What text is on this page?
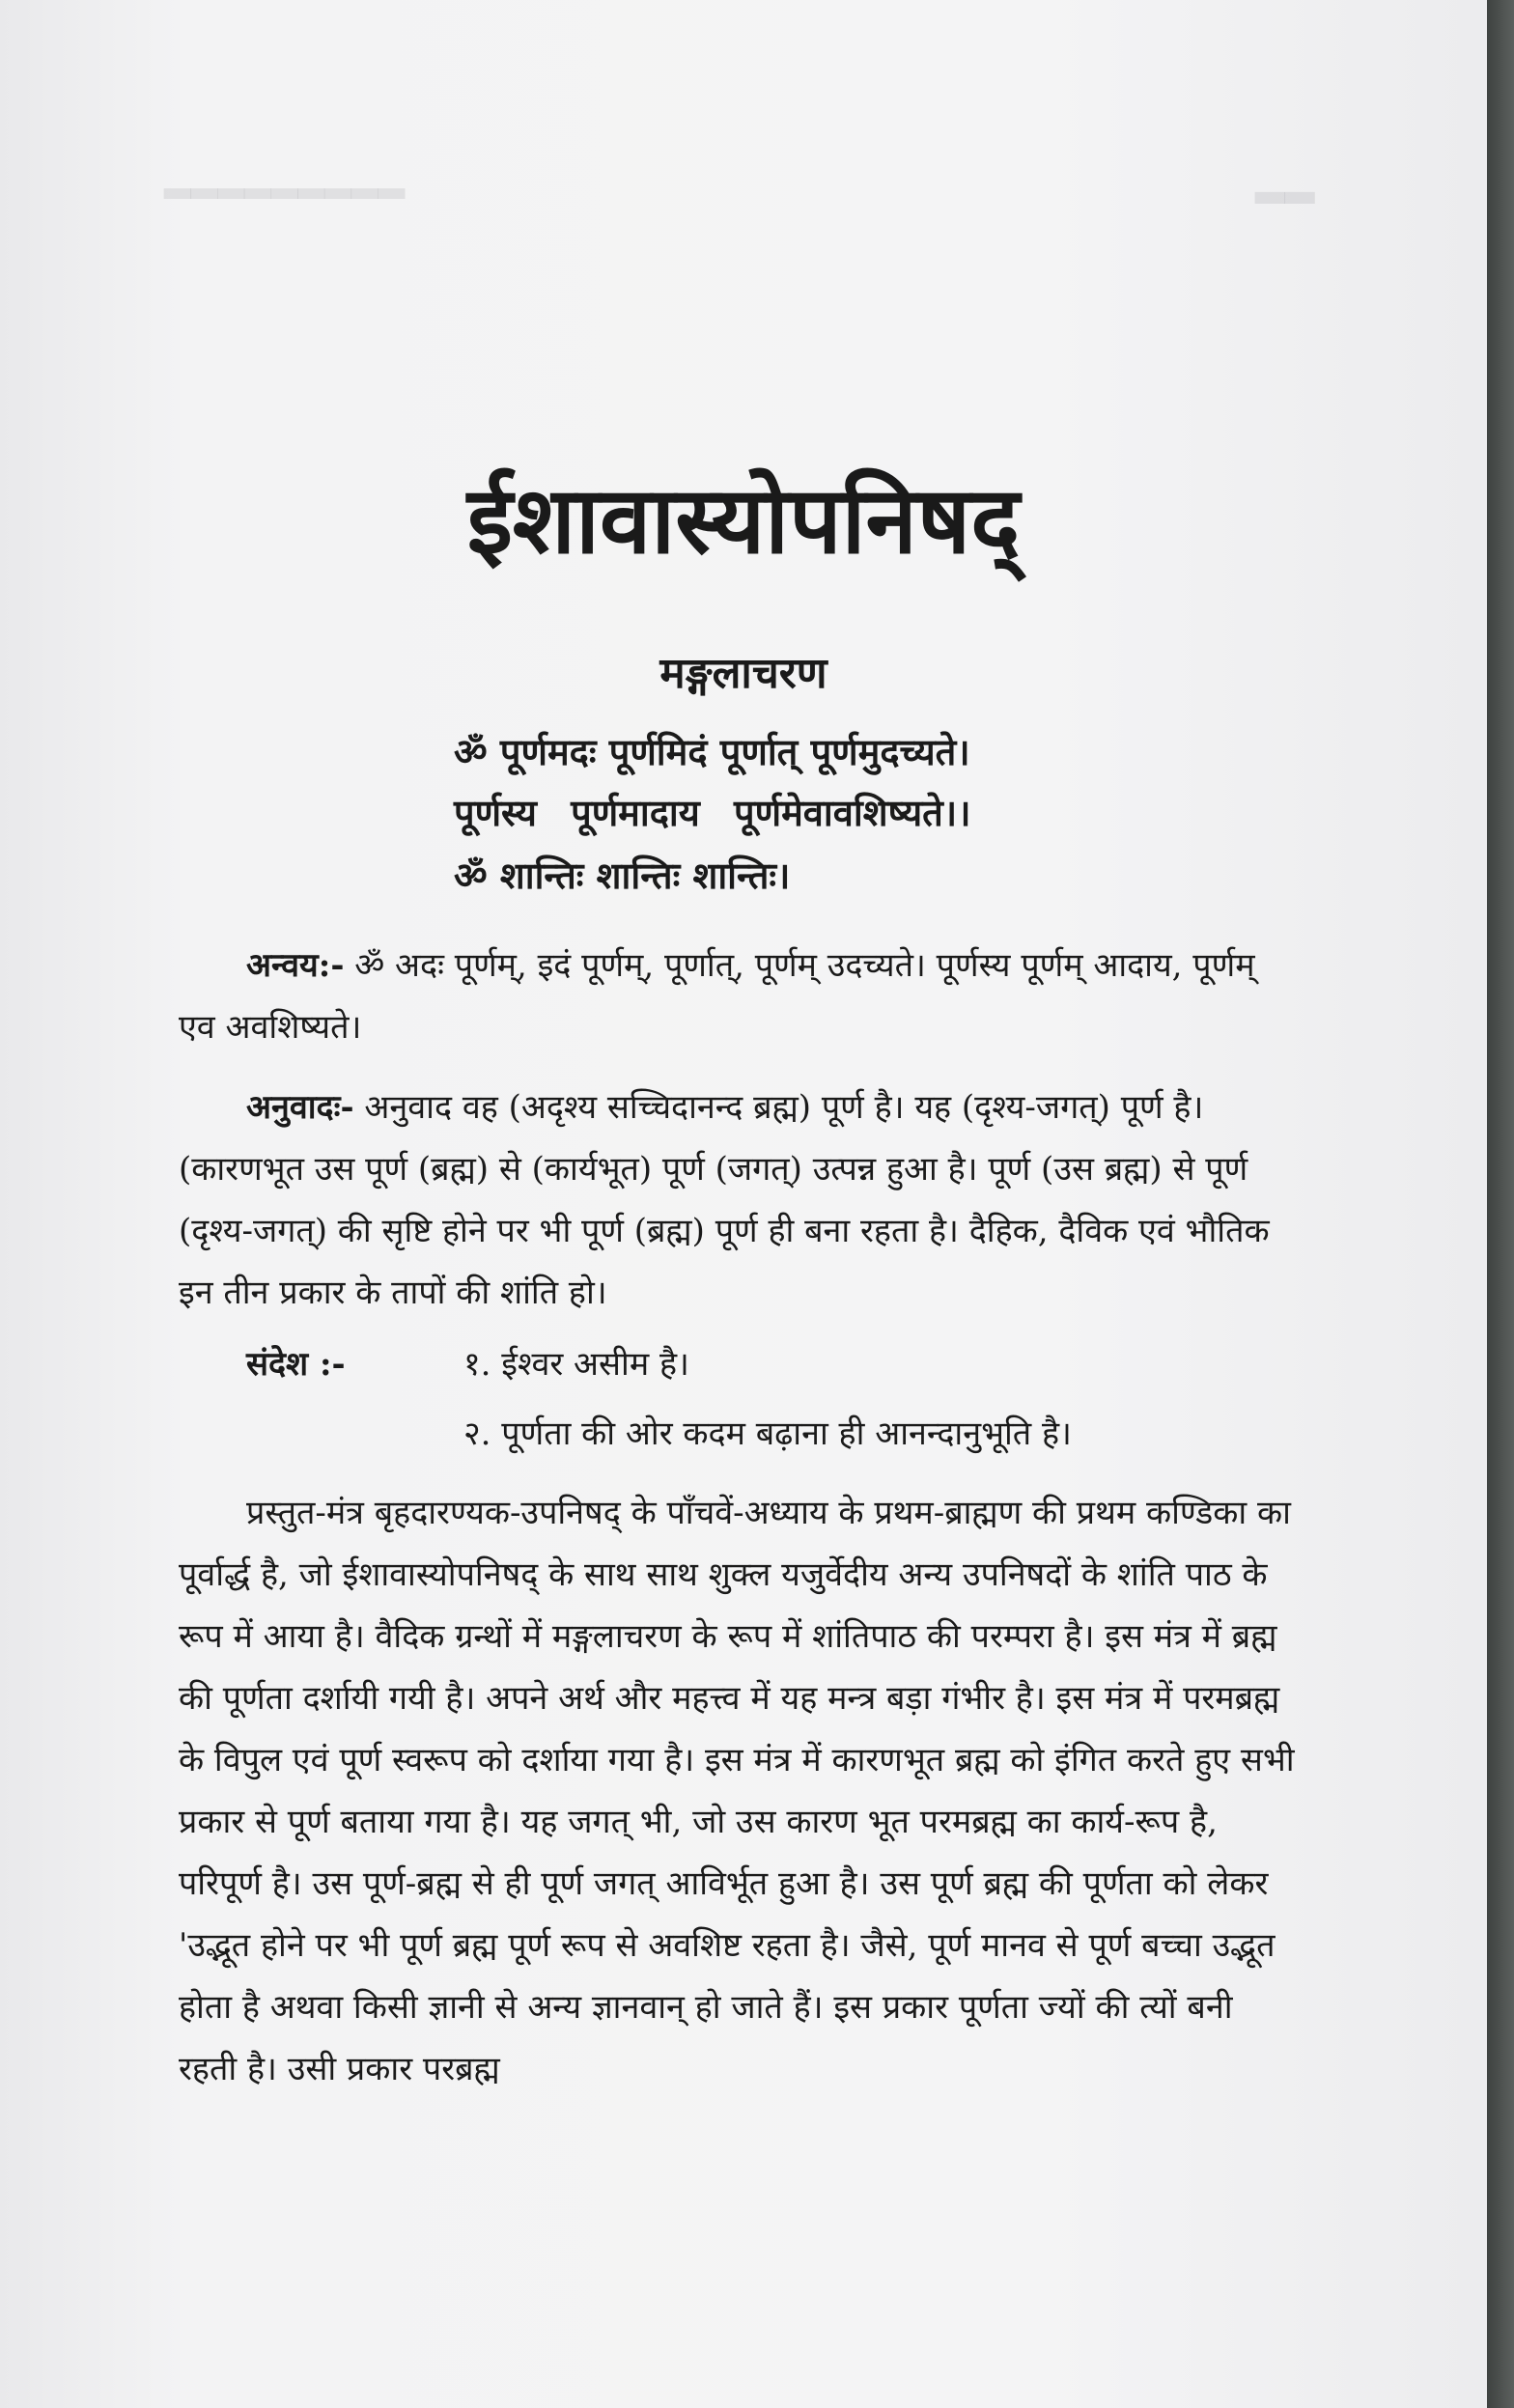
▂▂▂▂▂▂▂▂▂	▂▂
ईशावास्योपनिषद्
मङ्गलाचरण
ॐ पूर्णमदः पूर्णमिदं पूर्णात् पूर्णमुदच्यते।
पूर्णस्य पूर्णमादाय पूर्णमेवावशिष्यते।।
ॐ शान्तिः शान्तिः शान्तिः।

अन्वय:- ॐ अदः पूर्णम्, इदं पूर्णम्, पूर्णात्, पूर्णम् उदच्यते। पूर्णस्य पूर्णम् आदाय, पूर्णम् एव अवशिष्यते।

अनुवादः- अनुवाद वह (अदृश्य सच्चिदानन्द ब्रह्म) पूर्ण है। यह (दृश्य-जगत्) पूर्ण है। (कारणभूत उस पूर्ण (ब्रह्म) से (कार्यभूत) पूर्ण (जगत्) उत्पन्न हुआ है। पूर्ण (उस ब्रह्म) से पूर्ण (दृश्य-जगत्) की सृष्टि होने पर भी पूर्ण (ब्रह्म) पूर्ण ही बना रहता है। दैहिक, दैविक एवं भौतिक इन तीन प्रकार के तापों की शांति हो।

संदेश :-	१. ईश्वर असीम है।
२. पूर्णता की ओर कदम बढ़ाना ही आनन्दानुभूति है।

प्रस्तुत-मंत्र बृहदारण्यक-उपनिषद् के पाँचवें-अध्याय के प्रथम-ब्राह्मण की प्रथम कण्डिका का पूर्वार्द्ध है, जो ईशावास्योपनिषद् के साथ साथ शुक्ल यजुर्वेदीय अन्य उपनिषदों के शांति पाठ के रूप में आया है। वैदिक ग्रन्थों में मङ्गलाचरण के रूप में शांतिपाठ की परम्परा है। इस मंत्र में ब्रह्म की पूर्णता दर्शायी गयी है। अपने अर्थ और महत्त्व में यह मन्त्र बड़ा गंभीर है। इस मंत्र में परमब्रह्म के विपुल एवं पूर्ण स्वरूप को दर्शाया गया है। इस मंत्र में कारणभूत ब्रह्म को इंगित करते हुए सभी प्रकार से पूर्ण बताया गया है। यह जगत् भी, जो उस कारण भूत परमब्रह्म का कार्य-रूप है, परिपूर्ण है। उस पूर्ण-ब्रह्म से ही पूर्ण जगत् आविर्भूत हुआ है। उस पूर्ण ब्रह्म की पूर्णता को लेकर 'उद्भूत होने पर भी पूर्ण ब्रह्म पूर्ण रूप से अवशिष्ट रहता है। जैसे, पूर्ण मानव से पूर्ण बच्चा उद्भूत होता है अथवा किसी ज्ञानी से अन्य ज्ञानवान् हो जाते हैं। इस प्रकार पूर्णता ज्यों की त्यों बनी रहती है। उसी प्रकार परब्रह्म
